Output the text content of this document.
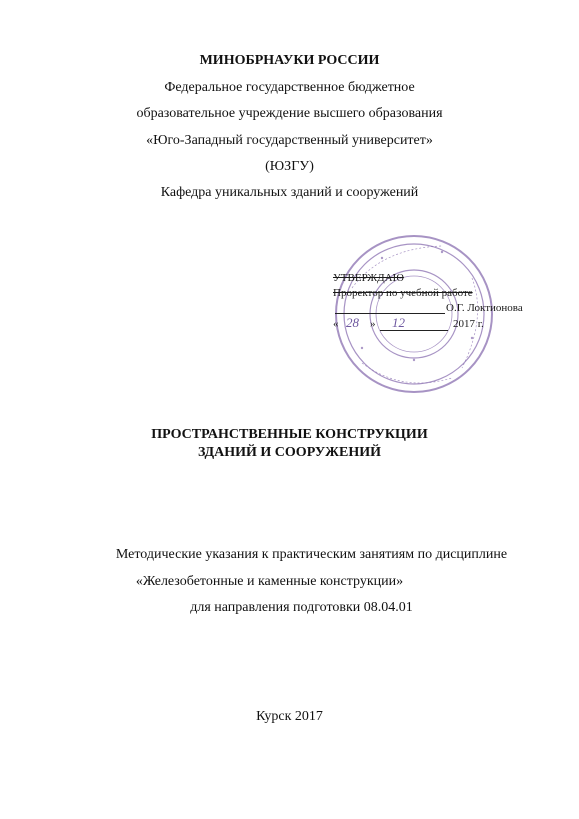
МИНОБРНАУКИ РОССИИ
Федеральное государственное бюджетное
образовательное учреждение высшего образования
«Юго-Западный государственный университет»
(ЮЗГУ)
Кафедра уникальных зданий и сооружений
УТВЕРЖДАЮ
Проректор по учебной работе
О.Г. Локтионова
« 28 » 12	2017 г.
ПРОСТРАНСТВЕННЫЕ КОНСТРУКЦИИ
ЗДАНИЙ И СООРУЖЕНИЙ
Методические указания к практическим занятиям по дисциплине
«Железобетонные и каменные конструкции»
для направления подготовки 08.04.01
Курск 2017
